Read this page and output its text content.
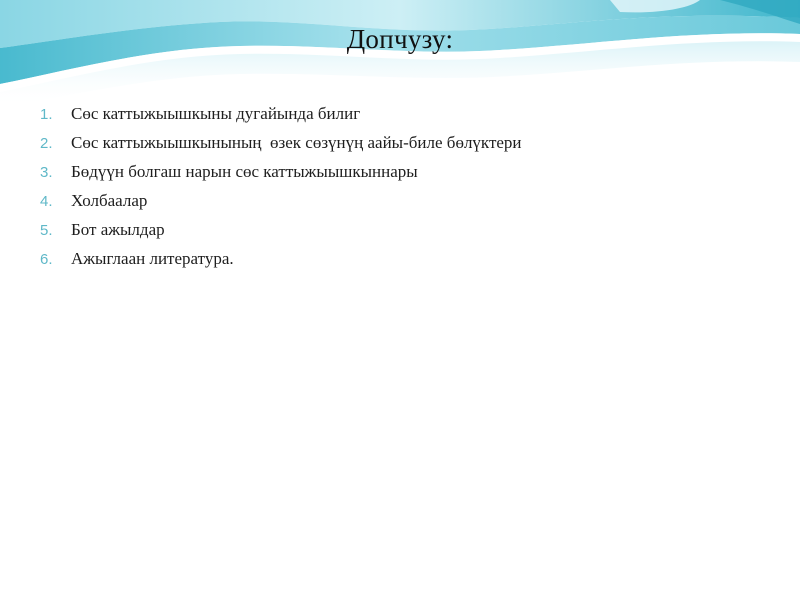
Допчузу:
1.	Сөс каттыжыышкыны дугайында билиг
2.	Сөс каттыжыышкынының  өзек сөзүнүң аайы-биле бөлүктери
3.	Бөдүүн болгаш нарын сөс каттыжыышкыннары
4.	Холбаалар
5.	Бот ажылдар
6.	Ажыглаан литература.
